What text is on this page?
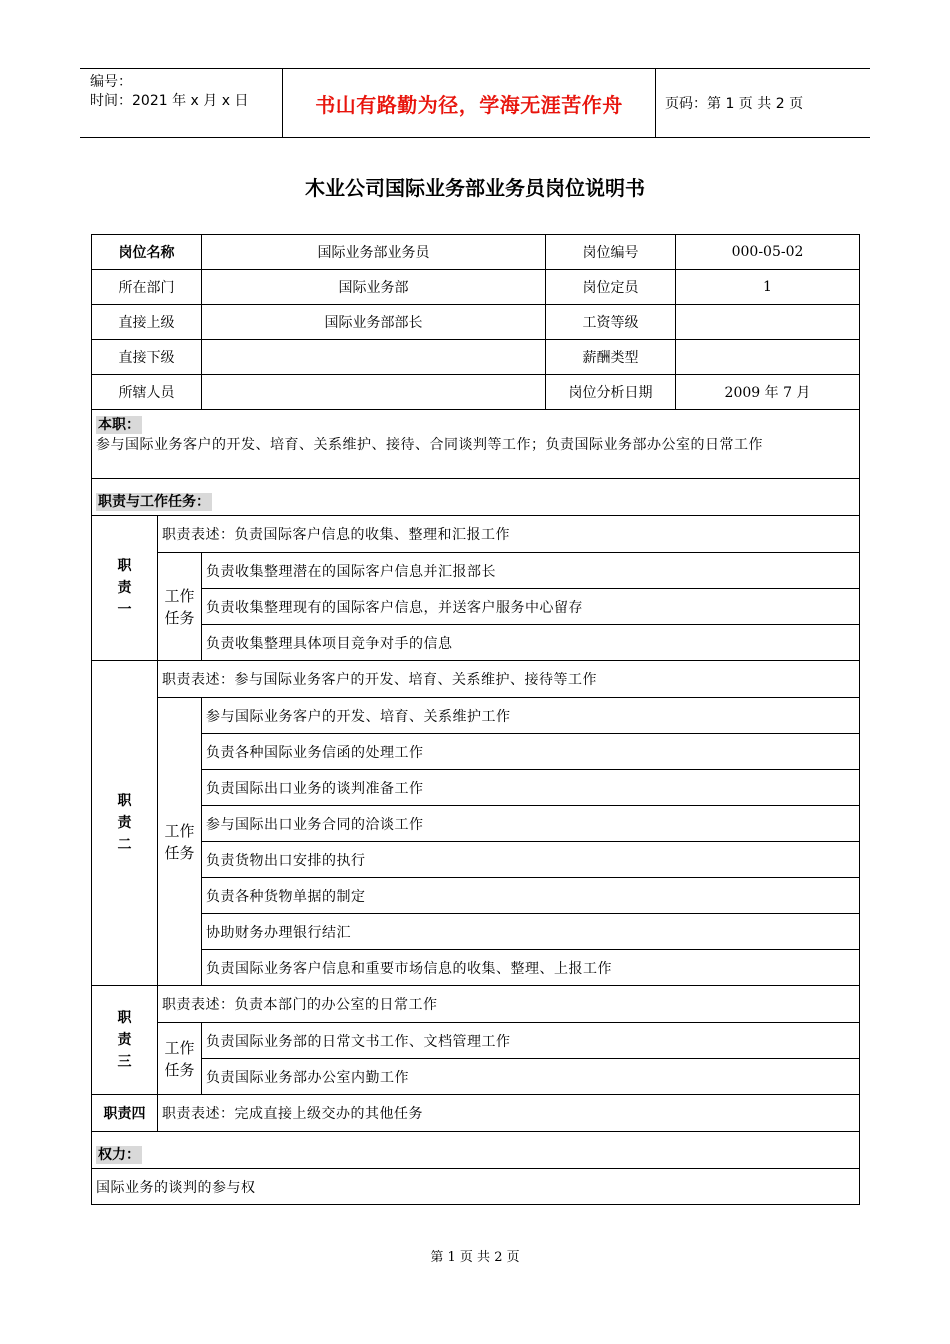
编号：
时间：2021 年 x 月 x 日	书山有路勤为径，学海无涯苦作舟	页码：第 1 页 共 2 页
木业公司国际业务部业务员岗位说明书
岗位名称		国际业务部业务员	岗位编号	000-05-02
所在部门		国际业务部	岗位定员	1
直接上级		国际业务部部长	工资等级	
直接下级			薪酬类型	
所辖人员			岗位分析日期	2009 年 7 月
本职：				
参与国际业务客户的开发、培育、关系维护、接待、合同谈判等工作；负责国际业务部办公室的日常工作				
职责与工作任务：				

职
责
一	职责表述：负责国际客户信息的收集、整理和汇报工作			

	工作
任务	负责收集整理潜在的国际客户信息并汇报部长		
		负责收集整理现有的国际客户信息，并送客户服务中心留存		
		负责收集整理具体项目竞争对手的信息		

职
责
二	职责表述：参与国际业务客户的开发、培育、关系维护、接待等工作			

	工作
任务	参与国际业务客户的开发、培育、关系维护工作		
		负责各种国际业务信函的处理工作		
		负责国际出口业务的谈判准备工作		
		参与国际出口业务合同的洽谈工作		
		负责货物出口安排的执行		
		负责各种货物单据的制定		
		协助财务办理银行结汇		
		负责国际业务客户信息和重要市场信息的收集、整理、上报工作		

职
责
三	职责表述：负责本部门的办公室的日常工作			

	工作
任务	负责国际业务部的日常文书工作、文档管理工作		
		负责国际业务部办公室内勤工作		
职责四	职责表述：完成直接上级交办的其他任务			
权力：				
国际业务的谈判的参与权				
第 1 页 共 2 页
